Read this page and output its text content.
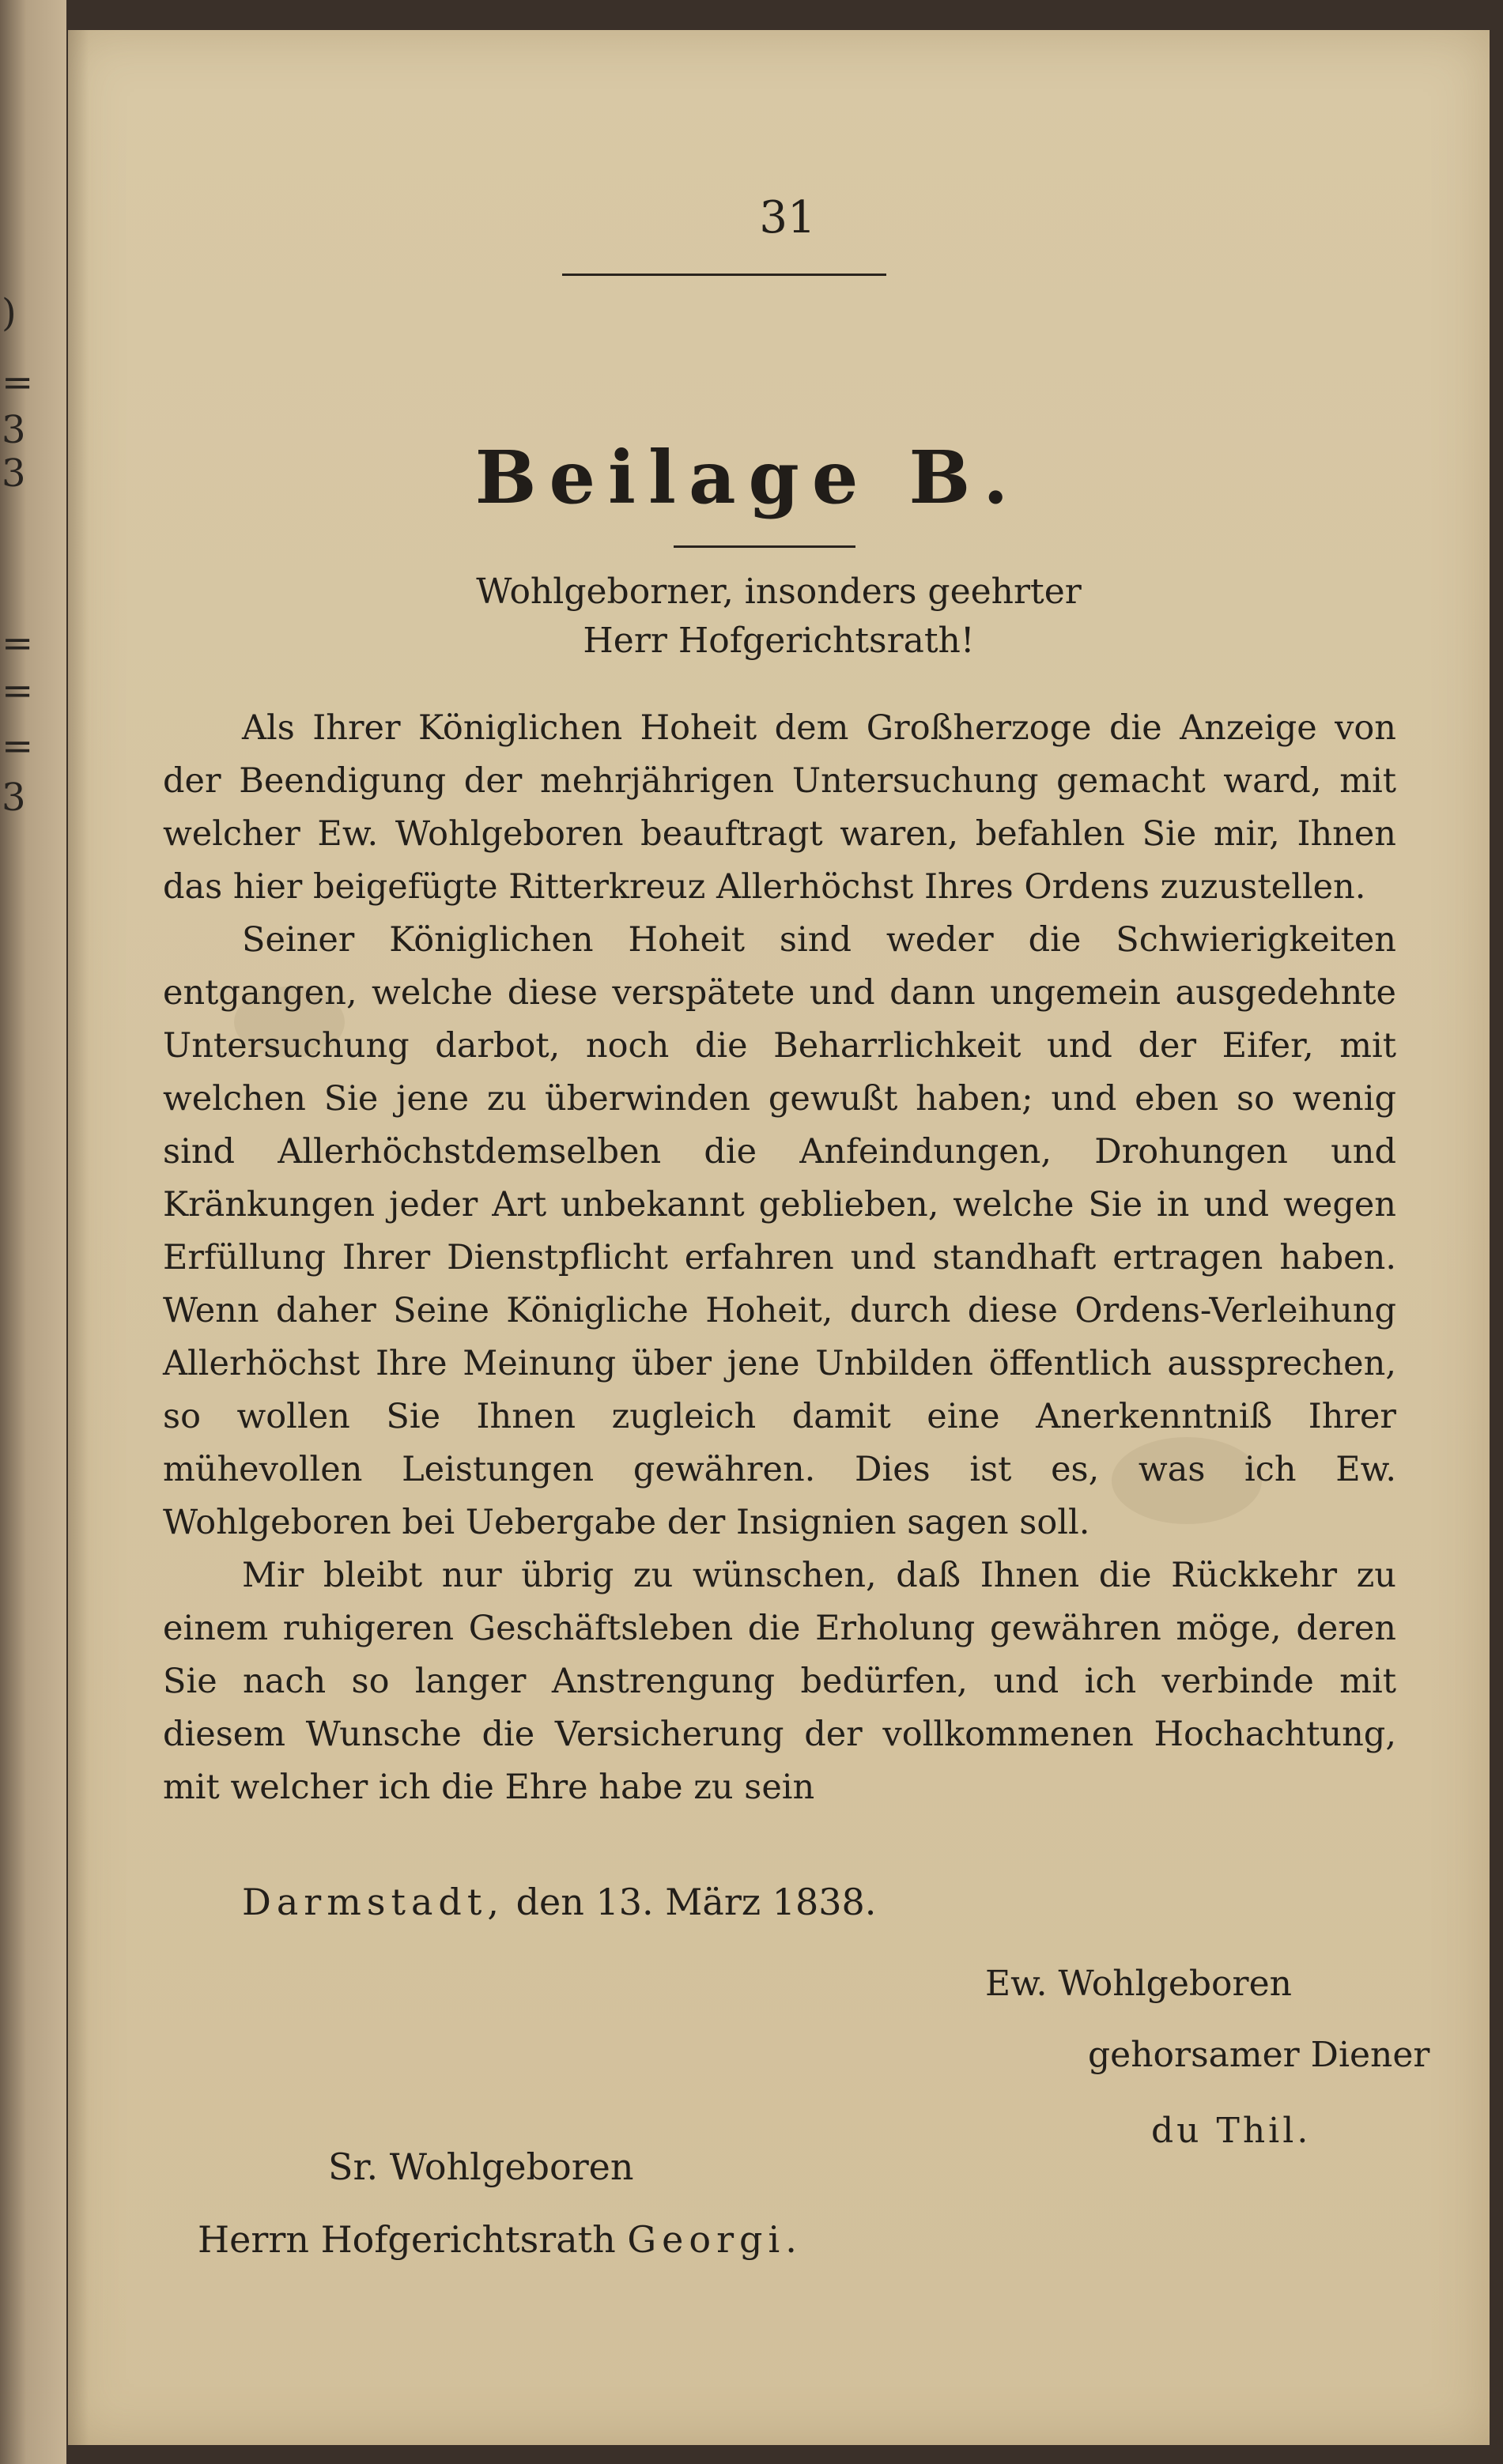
)
=
3
3
=
=
=
3
31
Beilage B.
Wohlgeborner, insonders geehrter
Herr Hofgerichtsrath!

Als Ihrer Königlichen Hoheit dem Großherzoge die Anzeige von der Beendigung der mehrjährigen Untersuchung gemacht ward, mit welcher Ew. Wohlgeboren beauftragt waren, befahlen Sie mir, Ihnen das hier beigefügte Ritterkreuz Allerhöchst Ihres Ordens zuzustellen.

Seiner Königlichen Hoheit sind weder die Schwierigkeiten entgangen, welche diese verspätete und dann ungemein ausgedehnte Untersuchung darbot, noch die Beharrlichkeit und der Eifer, mit welchen Sie jene zu überwinden gewußt haben; und eben so wenig sind Allerhöchstdemselben die Anfeindungen, Drohungen und Kränkungen jeder Art unbekannt geblieben, welche Sie in und wegen Erfüllung Ihrer Dienstpflicht erfahren und standhaft ertragen haben. Wenn daher Seine Königliche Hoheit, durch diese Ordens-Verleihung Allerhöchst Ihre Meinung über jene Unbilden öffentlich aussprechen, so wollen Sie Ihnen zugleich damit eine Anerkenntniß Ihrer mühevollen Leistungen gewähren. Dies ist es, was ich Ew. Wohlgeboren bei Uebergabe der Insignien sagen soll.

Mir bleibt nur übrig zu wünschen, daß Ihnen die Rückkehr zu einem ruhigeren Geschäftsleben die Erholung gewähren möge, deren Sie nach so langer Anstrengung bedürfen, und ich verbinde mit diesem Wunsche die Versicherung der vollkommenen Hochachtung, mit welcher ich die Ehre habe zu sein

Darmstadt, den 13. März 1838.
Ew. Wohlgeboren
gehorsamer Diener
du Thil.
Sr. Wohlgeboren
Herrn Hofgerichtsrath Georgi.
